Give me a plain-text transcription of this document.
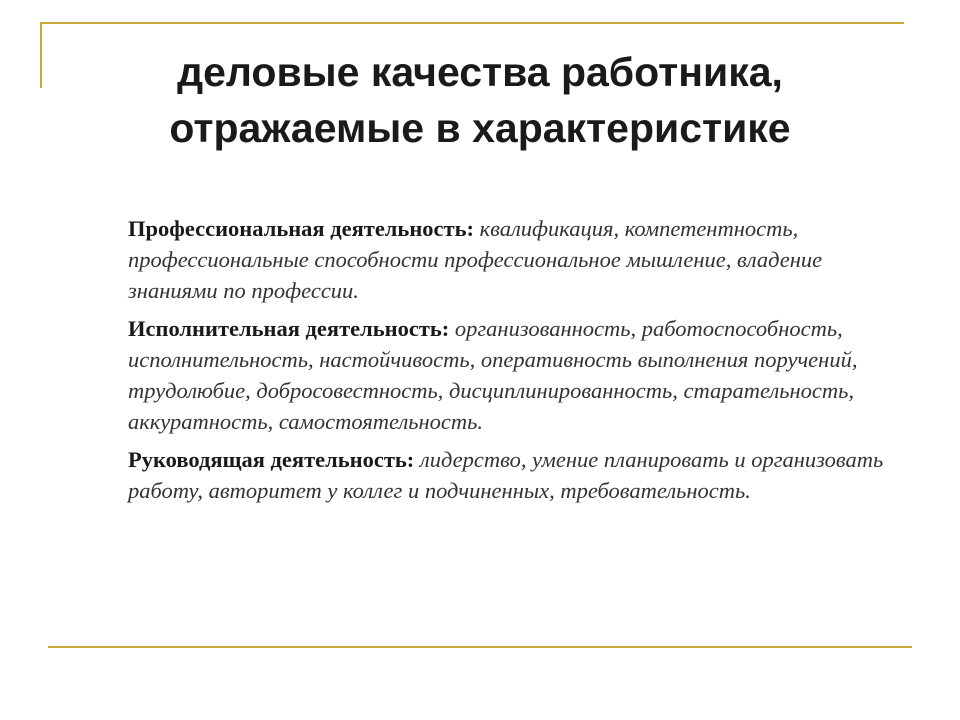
деловые качества работника,
отражаемые в характеристике

Профессиональная деятельность: квалификация, компетентность, профессиональные способности профессиональное мышление, владение знаниями по профессии.

Исполнительная деятельность: организованность, работоспособность, исполнительность, настойчивость, оперативность выполнения поручений, трудолюбие, добросовестность, дисциплинированность, старательность, аккуратность, самостоятельность.

Руководящая деятельность: лидерство, умение планировать и организовать работу, авторитет у коллег и подчиненных, требовательность.
